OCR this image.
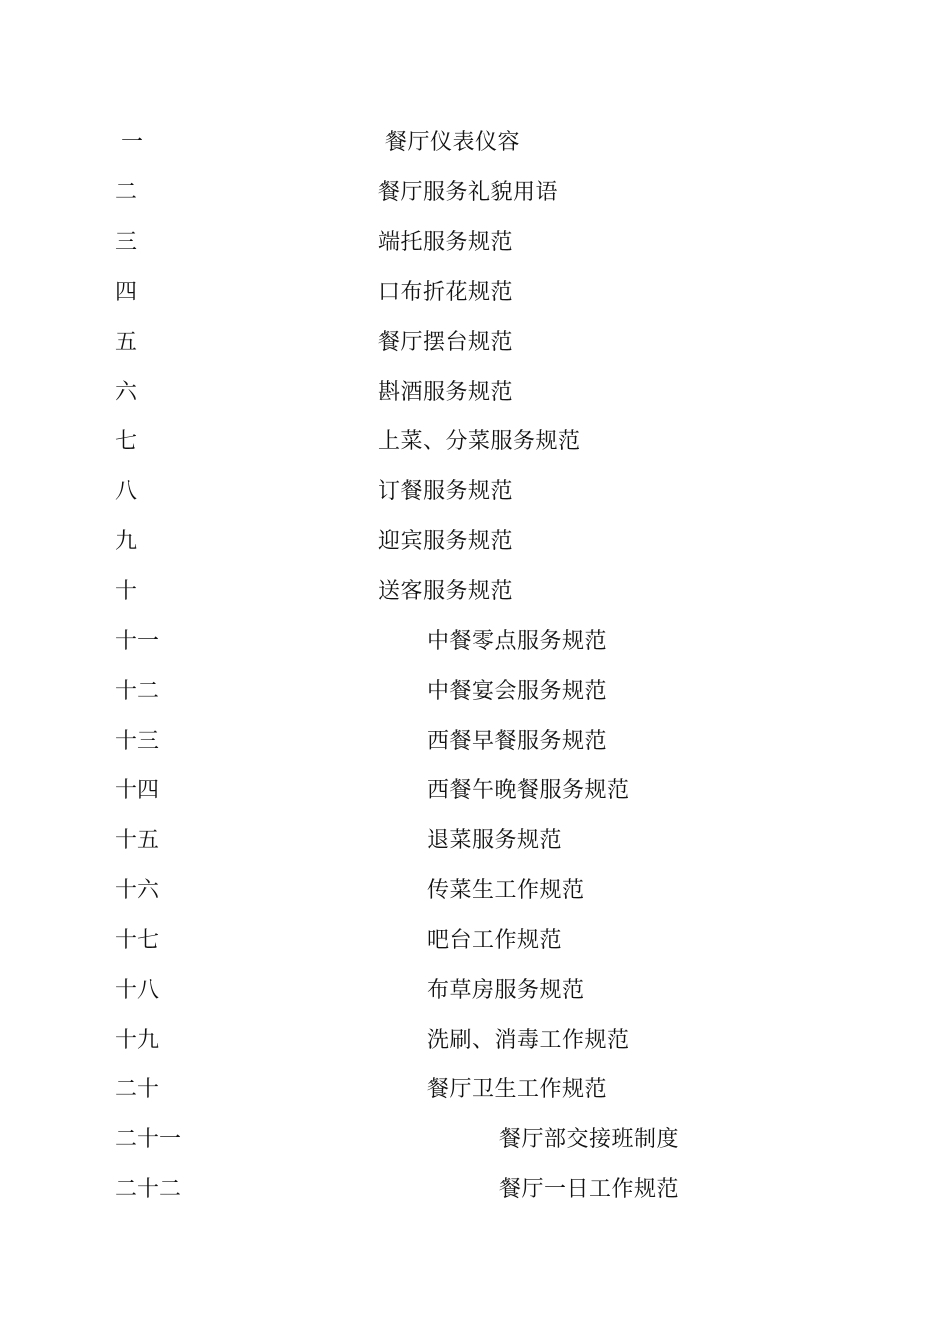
一	餐厅仪表仪容
二	餐厅服务礼貌用语
三	端托服务规范
四	口布折花规范
五	餐厅摆台规范
六	斟酒服务规范
七	上菜、分菜服务规范
八	订餐服务规范
九	迎宾服务规范
十	送客服务规范
十一	中餐零点服务规范
十二	中餐宴会服务规范
十三	西餐早餐服务规范
十四	西餐午晚餐服务规范
十五	退菜服务规范
十六	传菜生工作规范
十七	吧台工作规范
十八	布草房服务规范
十九	洗刷、消毒工作规范
二十	餐厅卫生工作规范
二十一	餐厅部交接班制度
二十二	餐厅一日工作规范
